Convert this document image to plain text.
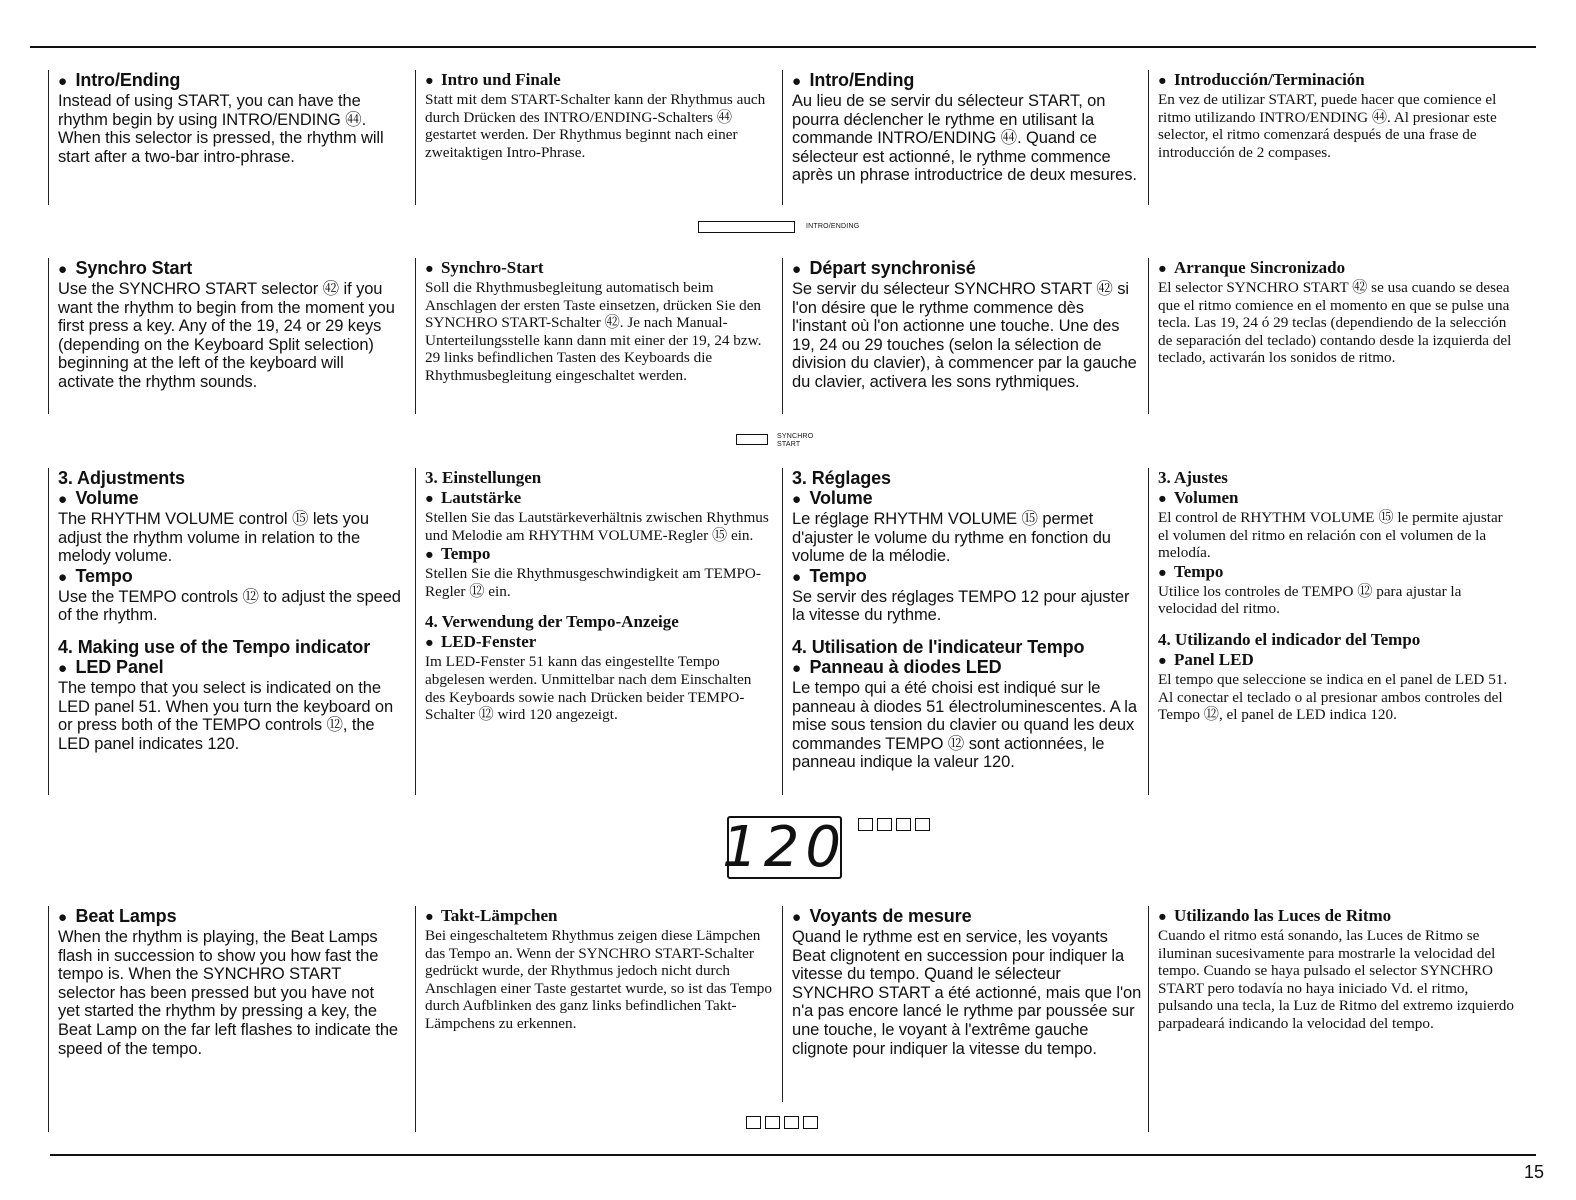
●  Intro/Ending

Instead of using START, you can have the rhythm begin by using INTRO/ENDING ㊹. When this selector is pressed, the rhythm will start after a two-bar intro-phrase.

●  Intro und Finale

Statt mit dem START-Schalter kann der Rhythmus auch durch Drücken des INTRO/ENDING-Schalters ㊹ gestartet werden. Der Rhythmus beginnt nach einer zweitaktigen Intro-Phrase.

●  Intro/Ending

Au lieu de se servir du sélecteur START, on pourra déclencher le rythme en utilisant la commande INTRO/ENDING ㊹. Quand ce sélecteur est actionné, le rythme commence après un phrase introductrice de deux mesures.

●  Introducción/Terminación

En vez de utilizar START, puede hacer que comience el ritmo utilizando INTRO/ENDING ㊹. Al presionar este selector, el ritmo comenzará después de una frase de introducción de 2 compases.

INTRO/ENDING

●  Synchro Start

Use the SYNCHRO START selector ㊷ if you want the rhythm to begin from the moment you first press a key. Any of the 19, 24 or 29 keys (depending on the Keyboard Split selection) beginning at the left of the keyboard will activate the rhythm sounds.

●  Synchro-Start

Soll die Rhythmusbegleitung automatisch beim Anschlagen der ersten Taste einsetzen, drücken Sie den SYNCHRO START-Schalter ㊷. Je nach Manual-Unterteilungsstelle kann dann mit einer der 19, 24 bzw. 29 links befindlichen Tasten des Keyboards die Rhythmusbegleitung eingeschaltet werden.

●  Départ synchronisé

Se servir du sélecteur SYNCHRO START ㊷ si l'on désire que le rythme commence dès l'instant où l'on actionne une touche. Une des 19, 24 ou 29 touches (selon la sélection de division du clavier), à commencer par la gauche du clavier, activera les sons rythmiques.

●  Arranque Sincronizado

El selector SYNCHRO START ㊷ se usa cuando se desea que el ritmo comience en el momento en que se pulse una tecla. Las 19, 24 ó 29 teclas (dependiendo de la selección de separación del teclado) contando desde la izquierda del teclado, activarán los sonidos de ritmo.

SYNCHRO
START

3. Adjustments

●  Volume

The RHYTHM VOLUME control ⑮ lets you adjust the rhythm volume in relation to the melody volume.

●  Tempo

Use the TEMPO controls ⑫ to adjust the speed of the rhythm.

4. Making use of the Tempo indicator

●  LED Panel

The tempo that you select is indicated on the LED panel 51. When you turn the keyboard on or press both of the TEMPO controls ⑫, the LED panel indicates 120.

3. Einstellungen

●  Lautstärke

Stellen Sie das Lautstärkeverhältnis zwischen Rhythmus und Melodie am RHYTHM VOLUME-Regler ⑮ ein.

●  Tempo

Stellen Sie die Rhythmusgeschwindigkeit am TEMPO-Regler ⑫ ein.

4. Verwendung der Tempo-Anzeige

●  LED-Fenster

Im LED-Fenster 51 kann das eingestellte Tempo abgelesen werden. Unmittelbar nach dem Einschalten des Keyboards sowie nach Drücken beider TEMPO-Schalter ⑫ wird 120 angezeigt.

3. Réglages

●  Volume

Le réglage RHYTHM VOLUME ⑮ permet d'ajuster le volume du rythme en fonction du volume de la mélodie.

●  Tempo

Se servir des réglages TEMPO 12 pour ajuster la vitesse du rythme.

4. Utilisation de l'indicateur Tempo

●  Panneau à diodes LED

Le tempo qui a été choisi est indiqué sur le panneau à diodes 51 électroluminescentes. A la mise sous tension du clavier ou quand les deux commandes TEMPO ⑫ sont actionnées, le panneau indique la valeur 120.

3. Ajustes

●  Volumen

El control de RHYTHM VOLUME ⑮ le permite ajustar el volumen del ritmo en relación con el volumen de la melodía.

●  Tempo

Utilice los controles de TEMPO ⑫ para ajustar la velocidad del ritmo.

4. Utilizando el indicador del Tempo

●  Panel LED

El tempo que seleccione se indica en el panel de LED 51. Al conectar el teclado o al presionar ambos controles del Tempo ⑫, el panel de LED indica 120.

120

●  Beat Lamps

When the rhythm is playing, the Beat Lamps flash in succession to show you how fast the tempo is. When the SYNCHRO START selector has been pressed but you have not yet started the rhythm by pressing a key, the Beat Lamp on the far left flashes to indicate the speed of the tempo.

●  Takt-Lämpchen

Bei eingeschaltetem Rhythmus zeigen diese Lämpchen das Tempo an. Wenn der SYNCHRO START-Schalter gedrückt wurde, der Rhythmus jedoch nicht durch Anschlagen einer Taste gestartet wurde, so ist das Tempo durch Aufblinken des ganz links befindlichen Takt-Lämpchens zu erkennen.

●  Voyants de mesure

Quand le rythme est en service, les voyants Beat clignotent en succession pour indiquer la vitesse du tempo. Quand le sélecteur SYNCHRO START a été actionné, mais que l'on n'a pas encore lancé le rythme par poussée sur une touche, le voyant à l'extrême gauche clignote pour indiquer la vitesse du tempo.

●  Utilizando las Luces de Ritmo

Cuando el ritmo está sonando, las Luces de Ritmo se iluminan sucesivamente para mostrarle la velocidad del tempo. Cuando se haya pulsado el selector SYNCHRO START pero todavía no haya iniciado Vd. el ritmo, pulsando una tecla, la Luz de Ritmo del extremo izquierdo parpadeará indicando la velocidad del tempo.

15
